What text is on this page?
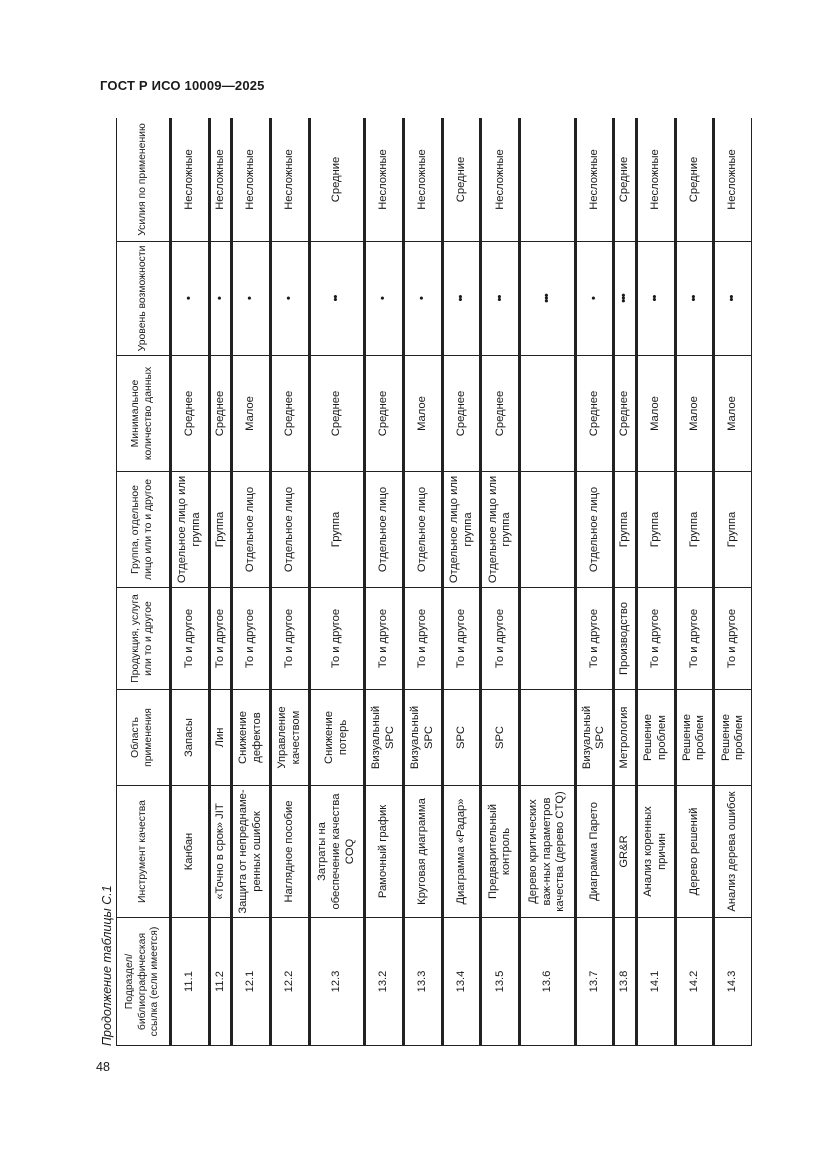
ГОСТ Р ИСО 10009—2025
Продолжение таблицы С.1
48
Подраздел/ библиографическая ссылка (если имеется)	Инструмент качества	Область применения	Продукция, услуга или то и другое	Группа, отдельное лицо или то и другое	Минимальное количество данных	Уровень возможности	Усилия по применению
11.1	Канбан	Запасы	То и другое	Отдельное лицо или группа	Среднее	•	Несложные
11.2	«Точно в срок» JIT	Лин	То и другое	Группа	Среднее	•	Несложные
12.1	Защита от непреднаме-ренных ошибок	Снижение дефектов	То и другое	Отдельное лицо	Малое	•	Несложные
12.2	Наглядное пособие	Управление качеством	То и другое	Отдельное лицо	Среднее	•	Несложные
12.3	Затраты на обеспечение качества COQ	Снижение потерь	То и другое	Группа	Среднее	••	Средние
13.2	Рамочный график	Визуальный SPC	То и другое	Отдельное лицо	Среднее	•	Несложные
13.3	Круговая диаграмма	Визуальный SPC	То и другое	Отдельное лицо	Малое	•	Несложные
13.4	Диаграмма «Радар»	SPC	То и другое	Отдельное лицо или группа	Среднее	••	Средние
13.5	Предварительный контроль	SPC	То и другое	Отдельное лицо или группа	Среднее	••	Несложные
13.6	Дерево критических важ-ных параметров качества (дерево CTQ)					•••	
13.7	Диаграмма Парето	Визуальный SPC	То и другое	Отдельное лицо	Среднее	•	Несложные
13.8	GR&R	Метрология	Производство	Группа	Среднее	•••	Средние
14.1	Анализ коренных причин	Решение проблем	То и другое	Группа	Малое	••	Несложные
14.2	Дерево решений	Решение проблем	То и другое	Группа	Малое	••	Средние
14.3	Анализ дерева ошибок	Решение проблем	То и другое	Группа	Малое	••	Несложные
